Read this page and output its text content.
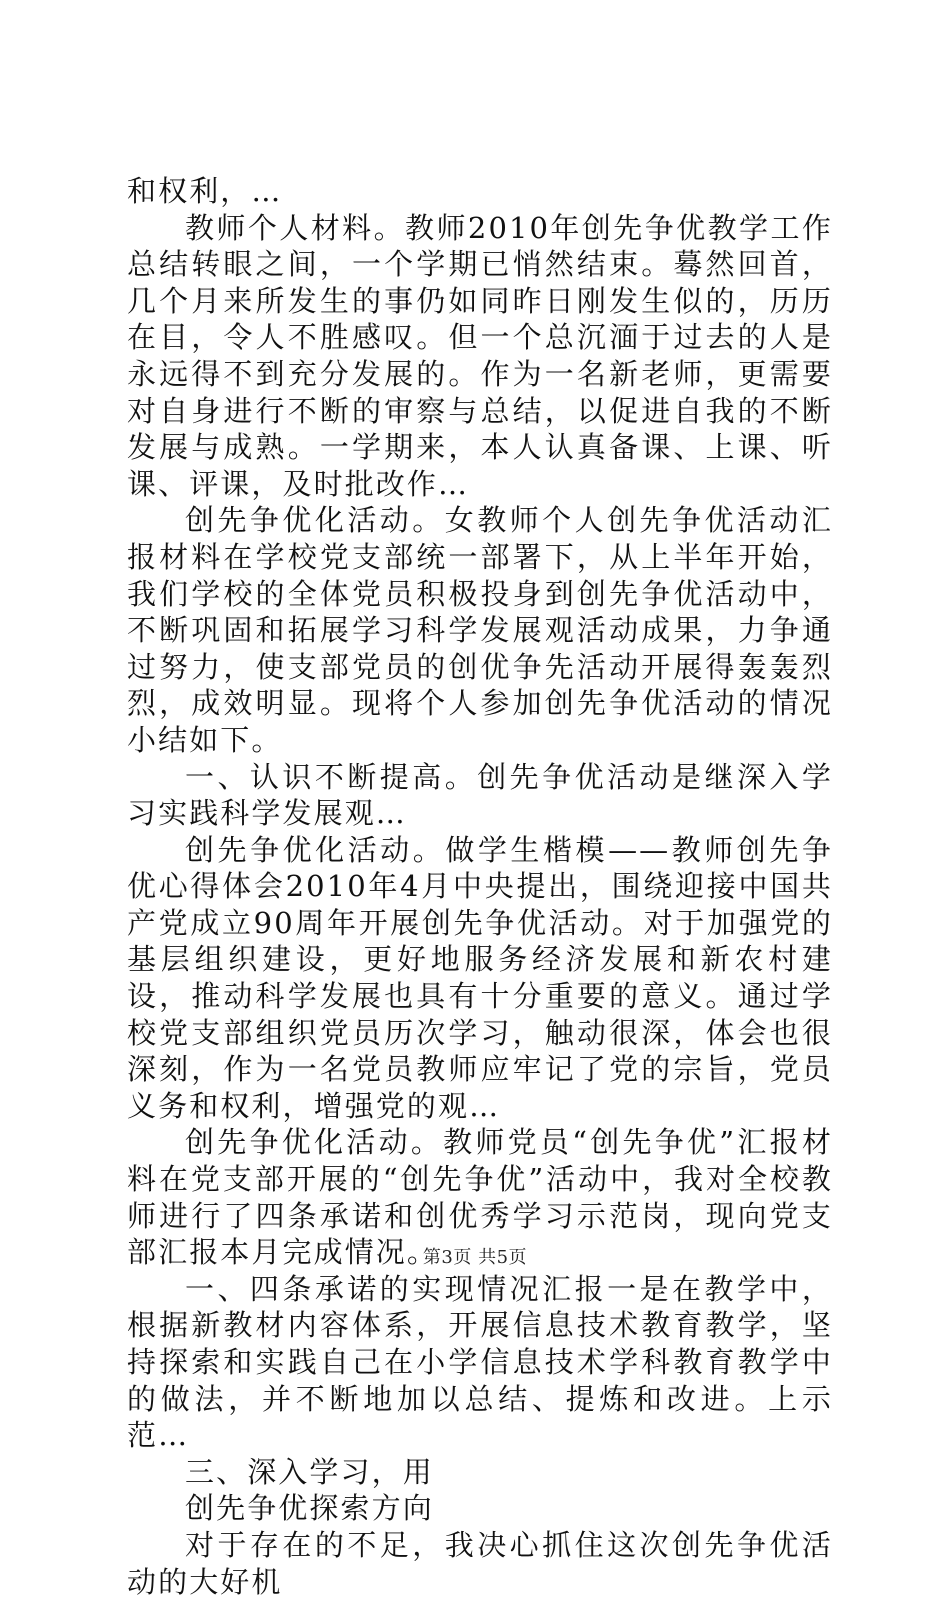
和权利，…

教师个人材料。教师2010年创先争优教学工作总结转眼之间，一个学期已悄然结束。蓦然回首，几个月来所发生的事仍如同昨日刚发生似的，历历在目，令人不胜感叹。但一个总沉湎于过去的人是永远得不到充分发展的。作为一名新老师，更需要对自身进行不断的审察与总结，以促进自我的不断发展与成熟。一学期来，本人认真备课、上课、听课、评课，及时批改作…

创先争优化活动。女教师个人创先争优活动汇报材料在学校党支部统一部署下，从上半年开始，我们学校的全体党员积极投身到创先争优活动中，不断巩固和拓展学习科学发展观活动成果，力争通过努力，使支部党员的创优争先活动开展得轰轰烈烈，成效明显。现将个人参加创先争优活动的情况小结如下。

一、认识不断提高。创先争优活动是继深入学习实践科学发展观…

创先争优化活动。做学生楷模——教师创先争优心得体会2010年4月中央提出，围绕迎接中国共产党成立90周年开展创先争优活动。对于加强党的基层组织建设，更好地服务经济发展和新农村建设，推动科学发展也具有十分重要的意义。通过学校党支部组织党员历次学习，触动很深，体会也很深刻，作为一名党员教师应牢记了党的宗旨，党员义务和权利，增强党的观…

创先争优化活动。教师党员“创先争优”汇报材料在党支部开展的“创先争优”活动中，我对全校教师进行了四条承诺和创优秀学习示范岗，现向党支部汇报本月完成情况。

一、四条承诺的实现情况汇报一是在教学中，根据新教材内容体系，开展信息技术教育教学，坚持探索和实践自己在小学信息技术学科教育教学中的做法，并不断地加以总结、提炼和改进。上示范…

三、深入学习，用

创先争优探索方向

对于存在的不足，我决心抓住这次创先争优活动的大好机

第3页 共5页
